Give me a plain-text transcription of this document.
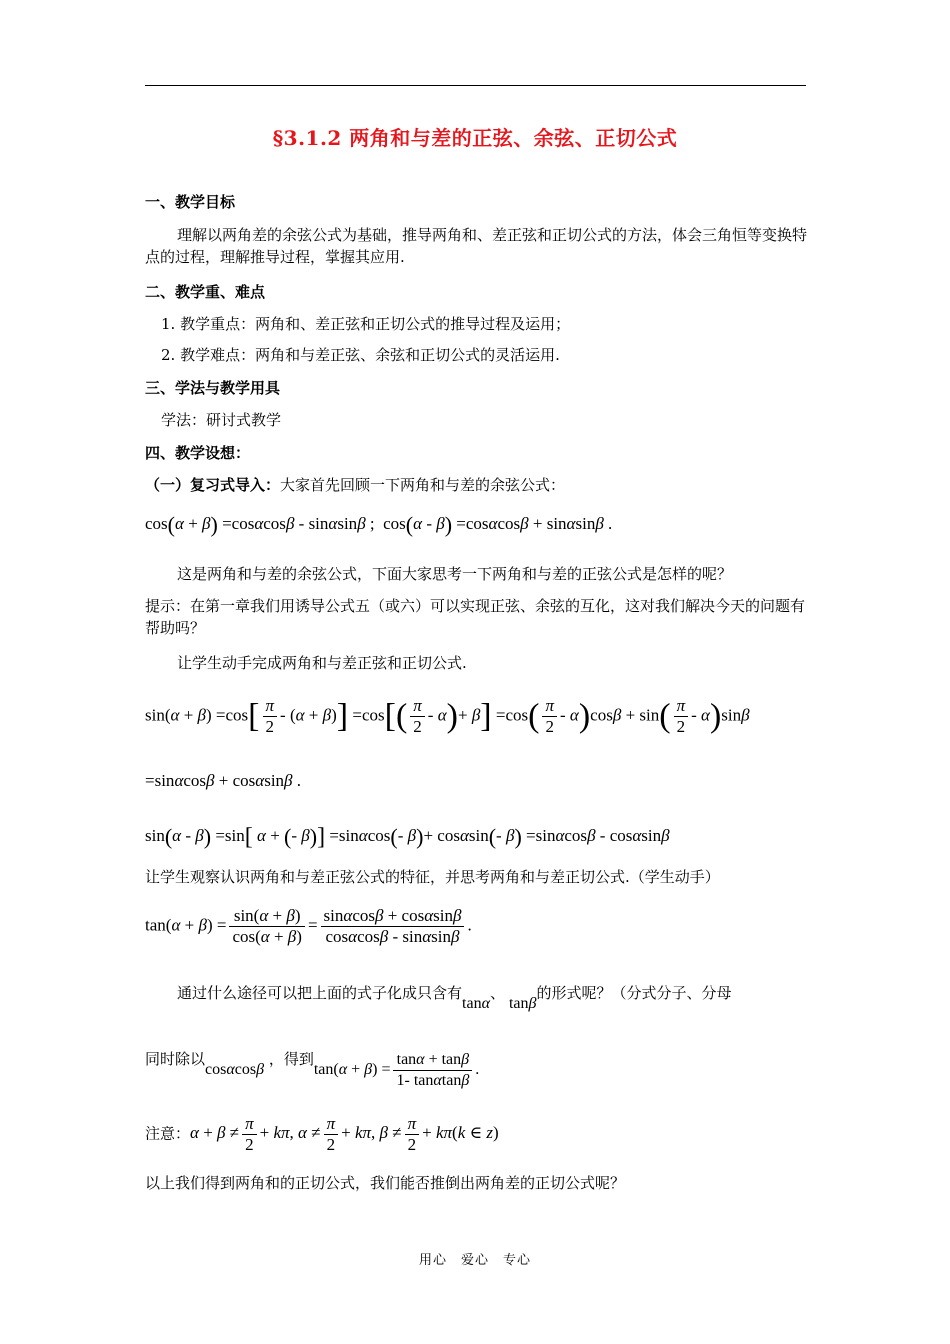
§3.1.2 两角和与差的正弦、余弦、正切公式
一、教学目标
理解以两角差的余弦公式为基础，推导两角和、差正弦和正切公式的方法，体会三角恒等变换特点的过程，理解推导过程，掌握其应用.
二、教学重、难点
1. 教学重点：两角和、差正弦和正切公式的推导过程及运用；
2. 教学难点：两角和与差正弦、余弦和正切公式的灵活运用.
三、学法与教学用具
学法：研讨式教学
四、教学设想：
（一）复习式导入：大家首先回顾一下两角和与差的余弦公式：
cos(α + β) =cosαcosβ - sinαsinβ ;  cos(α - β) =cosαcosβ + sinαsinβ .
这是两角和与差的余弦公式，下面大家思考一下两角和与差的正弦公式是怎样的呢？
提示：在第一章我们用诱导公式五（或六）可以实现正弦、余弦的互化，这对我们解决今天的问题有帮助吗？
让学生动手完成两角和与差正弦和正切公式.
$\sin(\alpha + \beta) =\cos[ \frac{\pi}{2} - (\alpha + \beta)] =\cos[( \frac{\pi}{2} - \alpha)+ \beta] =\cos( \frac{\pi}{2} - \alpha)\cos\beta + \sin( \frac{\pi}{2} - \alpha)\sin\beta$
=sinαcosβ + cosαsinβ .
sin(α - β) =sin[ α + (- β)] =sinαcos(- β)+ cosαsin(- β) =sinαcosβ - cosαsinβ
让学生观察认识两角和与差正弦公式的特征，并思考两角和与差正切公式.（学生动手）
$\tan(\alpha + \beta) = \frac{\sin(\alpha + \beta)}{\cos(\alpha + \beta)} = \frac{\sin\alpha\cos\beta + \cos\alpha\sin\beta}{\cos\alpha\cos\beta - \sin\alpha\sin\beta}$ .
通过什么途径可以把上面的式子化成只含有tanα、 tanβ的形式呢？（分式分子、分母
同时除以cosαcosβ ，得到$\tan(\alpha + \beta) = \frac{\tan\alpha + \tan\beta}{1- \tan\alpha\tan\beta}$ .
注意：$\alpha + \beta \ne \frac{\pi}{2} + k\pi$, $\alpha \ne \frac{\pi}{2} + k\pi$, $\beta \ne \frac{\pi}{2} + k\pi(k$ ∈ z)
以上我们得到两角和的正切公式，我们能否推倒出两角差的正切公式呢？
用心 爱心 专心
